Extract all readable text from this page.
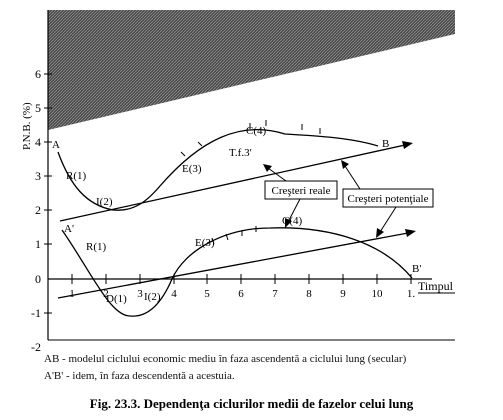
6
5
4
3
2
1
0
-1
-2
P.N.B. (%)
1	2	3	4	5	6	7	8	9 10 1.
Timpul
Creşteri reale
Creşteri potenţiale
A
R(1)
I(2)
E(3)
C(4)
T.f.3'
B
A'
R(1)
D(1) I(2)
E(3)
C(4)
B'
AB - modelul ciclului economic mediu în faza ascendentă a ciclului lung (secular)
A'B' - idem, în faza descendentă a acestuia.
Fig. 23.3. Dependenţa ciclurilor medii de fazelor celui lung
